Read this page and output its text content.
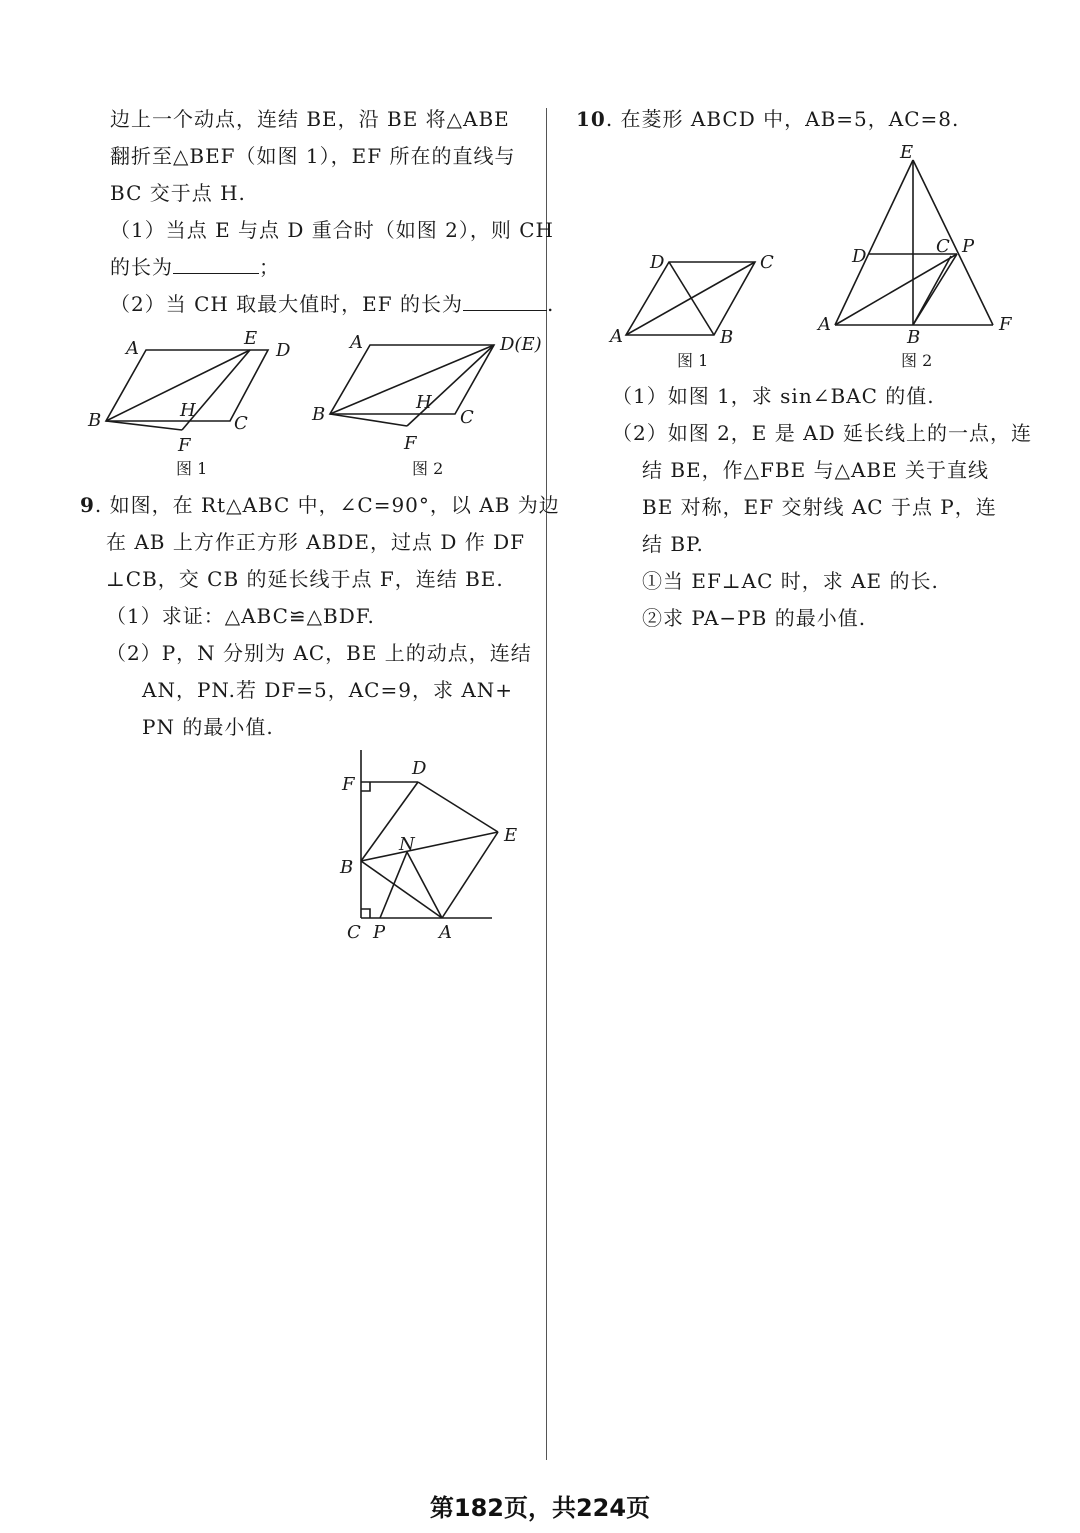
边上一个动点，连结 BE，沿 BE 将△ABE
翻折至△BEF（如图 1），EF 所在的直线与
BC 交于点 H.
（1）当点 E 与点 D 重合时（如图 2），则 CH
的长为	；
（2）当 CH 取最大值时，EF 的长为	.
A	E
D
B	H
C
F
图 1
A	D(E)
B
H
C
F
图 2
9. 如图，在 Rt△ABC 中，∠C=90°，以 AB 为边
在 AB 上方作正方形 ABDE，过点 D 作 DF
⊥CB，交 CB 的延长线于点 F，连结 BE.
（1）求证：△ABC≌△BDF.
（2）P，N 分别为 AC，BE 上的动点，连结
AN，PN.若 DF=5，AC=9，求 AN+
PN 的最小值.
D
F
E
N
B
C P	A
10. 在菱形 ABCD 中，AB=5，AC=8.
D	C
A	B
图 1
E
D	C P
A
B
F
图 2
（1）如图 1，求 sin∠BAC 的值.
（2）如图 2，E 是 AD 延长线上的一点，连
结 BE，作△FBE 与△ABE 关于直线
BE 对称，EF 交射线 AC 于点 P，连
结 BP.
①当 EF⊥AC 时，求 AE 的长.
②求 PA−PB 的最小值.
第182页，共224页
